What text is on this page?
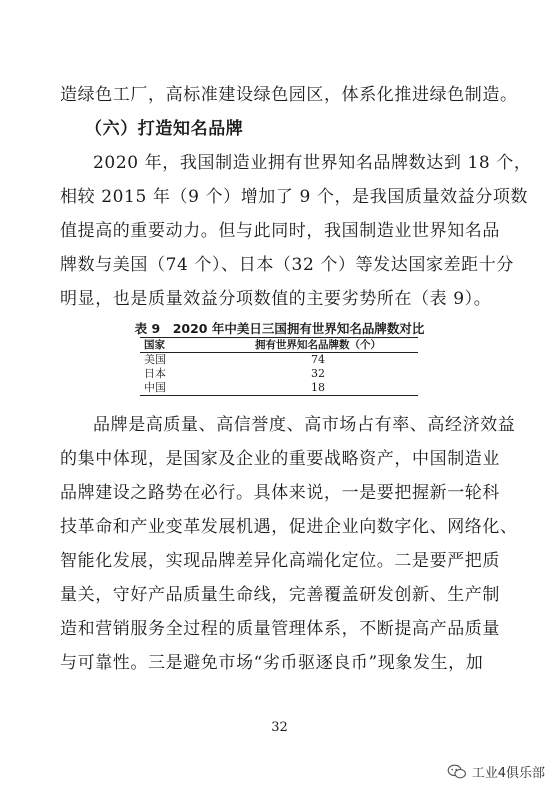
造绿色工厂，高标准建设绿色园区，体系化推进绿色制造。
（六）打造知名品牌
2020 年，我国制造业拥有世界知名品牌数达到 18 个，
相较 2015 年（9 个）增加了 9 个，是我国质量效益分项数
值提高的重要动力。但与此同时，我国制造业世界知名品
牌数与美国（74 个）、日本（32 个）等发达国家差距十分
明显，也是质量效益分项数值的主要劣势所在（表 9）。
表 9　2020 年中美日三国拥有世界知名品牌数对比
国家	拥有世界知名品牌数（个）
美国	74
日本	32
中国	18
品牌是高质量、高信誉度、高市场占有率、高经济效益
的集中体现，是国家及企业的重要战略资产，中国制造业
品牌建设之路势在必行。具体来说，一是要把握新一轮科
技革命和产业变革发展机遇，促进企业向数字化、网络化、
智能化发展，实现品牌差异化高端化定位。二是要严把质
量关，守好产品质量生命线，完善覆盖研发创新、生产制
造和营销服务全过程的质量管理体系，不断提高产品质量
与可靠性。三是避免市场“劣币驱逐良币”现象发生，加
32
工业4俱乐部
